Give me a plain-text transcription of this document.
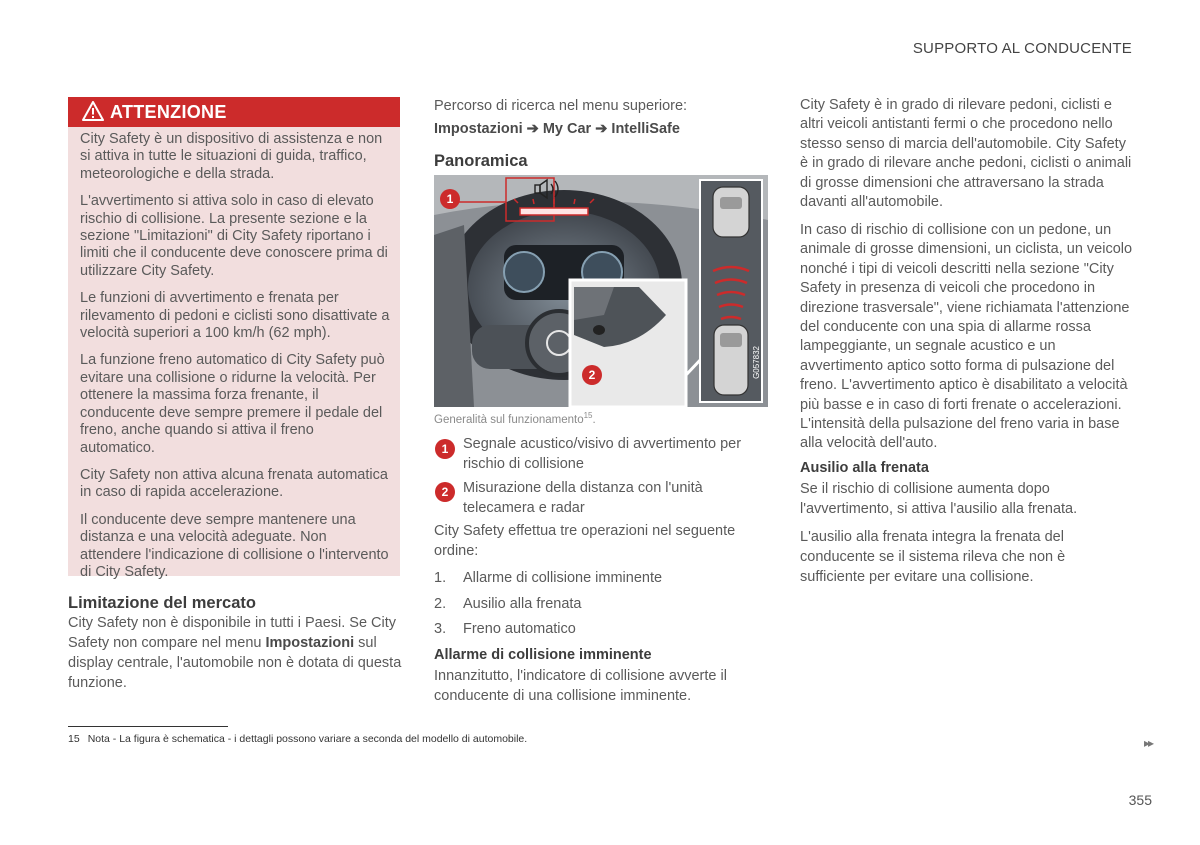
SUPPORTO AL CONDUCENTE
ATTENZIONE

City Safety è un dispositivo di assistenza e non si attiva in tutte le situazioni di guida, traffico, meteorologiche e della strada.

L'avvertimento si attiva solo in caso di elevato rischio di collisione. La presente sezione e la sezione "Limitazioni" di City Safety riportano i limiti che il conducente deve conoscere prima di utilizzare City Safety.

Le funzioni di avvertimento e frenata per rilevamento di pedoni e ciclisti sono disattivate a velocità superiori a 100 km/h (62 mph).

La funzione freno automatico di City Safety può evitare una collisione o ridurne la velocità. Per ottenere la massima forza frenante, il conducente deve sempre premere il pedale del freno, anche quando si attiva il freno automatico.

City Safety non attiva alcuna frenata automatica in caso di rapida accelerazione.

Il conducente deve sempre mantenere una distanza e una velocità adeguate. Non attendere l'indicazione di collisione o l'intervento di City Safety.

Limitazione del mercato
City Safety non è disponibile in tutti i Paesi. Se City Safety non compare nel menu Impostazioni sul display centrale, l'automobile non è dotata di questa funzione.
Percorso di ricerca nel menu superiore:
Impostazioni ➔ My Car ➔ IntelliSafe
Panoramica
1
2	G057832
Generalità sul funzionamento$^{15}$.
1	Segnale acustico/visivo di avvertimento per rischio di collisione
2	Misurazione della distanza con l'unità telecamera e radar
City Safety effettua tre operazioni nel seguente ordine:
1. Allarme di collisione imminente
2. Ausilio alla frenata
3. Freno automatico
Allarme di collisione imminente
Innanzitutto, l'indicatore di collisione avverte il conducente di una collisione imminente.
City Safety è in grado di rilevare pedoni, ciclisti e altri veicoli antistanti fermi o che procedono nello stesso senso di marcia dell'automobile. City Safety è in grado di rilevare anche pedoni, ciclisti o animali di grosse dimensioni che attraversano la strada davanti all'automobile.
In caso di rischio di collisione con un pedone, un animale di grosse dimensioni, un ciclista, un veicolo nonché i tipi di veicoli descritti nella sezione "City Safety in presenza di veicoli che procedono in direzione trasversale", viene richiamata l'attenzione del conducente con una spia di allarme rossa lampeggiante, un segnale acustico e un avvertimento aptico sotto forma di pulsazione del freno. L'avvertimento aptico è disabilitato a velocità più basse e in caso di forti frenate o accelerazioni. L'intensità della pulsazione del freno varia in base alla velocità dell'auto.
Ausilio alla frenata
Se il rischio di collisione aumenta dopo l'avvertimento, si attiva l'ausilio alla frenata.
L'ausilio alla frenata integra la frenata del conducente se il sistema rileva che non è sufficiente per evitare una collisione.
15 Nota - La figura è schematica - i dettagli possono variare a seconda del modello di automobile.	▸▸
355
